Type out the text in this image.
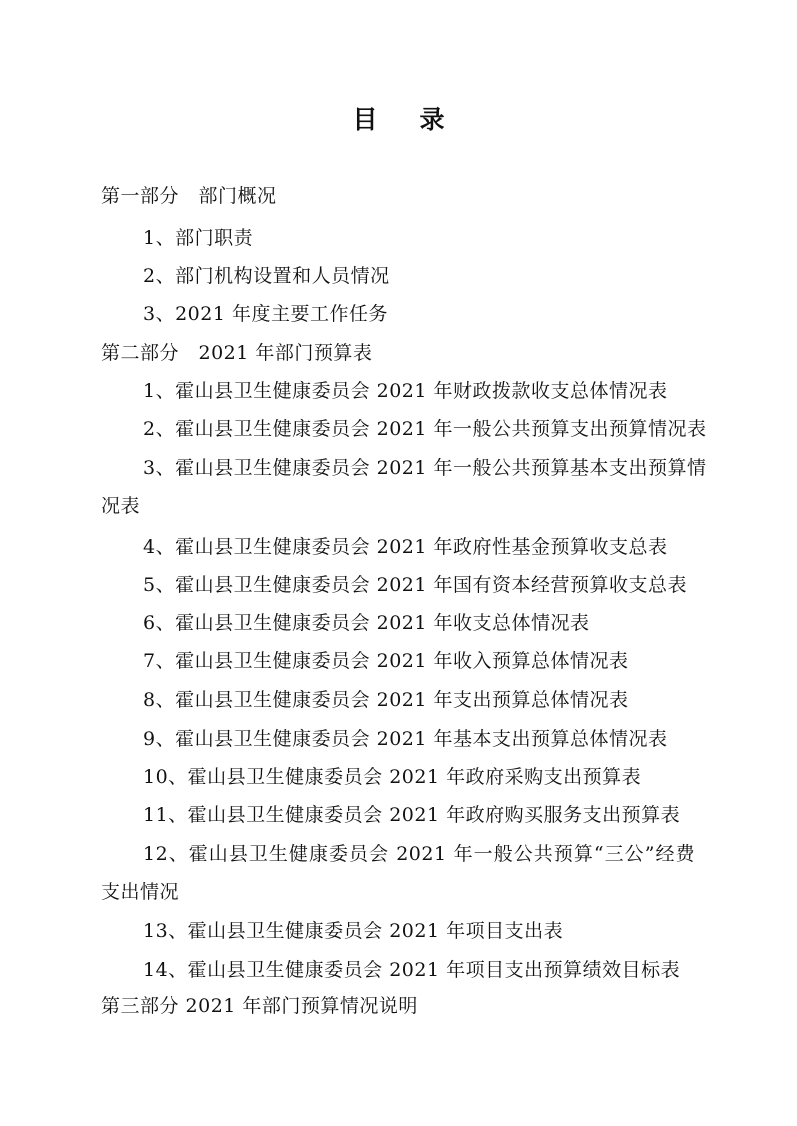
目录
第一部分　部门概况
1、部门职责
2、部门机构设置和人员情况
3、2021 年度主要工作任务
第二部分　2021 年部门预算表
1、霍山县卫生健康委员会 2021 年财政拨款收支总体情况表
2、霍山县卫生健康委员会 2021 年一般公共预算支出预算情况表
3、霍山县卫生健康委员会 2021 年一般公共预算基本支出预算情
况表
4、霍山县卫生健康委员会 2021 年政府性基金预算收支总表
5、霍山县卫生健康委员会 2021 年国有资本经营预算收支总表
6、霍山县卫生健康委员会 2021 年收支总体情况表
7、霍山县卫生健康委员会 2021 年收入预算总体情况表
8、霍山县卫生健康委员会 2021 年支出预算总体情况表
9、霍山县卫生健康委员会 2021 年基本支出预算总体情况表
10、霍山县卫生健康委员会 2021 年政府采购支出预算表
11、霍山县卫生健康委员会 2021 年政府购买服务支出预算表
12、霍山县卫生健康委员会 2021 年一般公共预算“三公”经费
支出情况
13、霍山县卫生健康委员会 2021 年项目支出表
14、霍山县卫生健康委员会 2021 年项目支出预算绩效目标表
第三部分 2021 年部门预算情况说明
